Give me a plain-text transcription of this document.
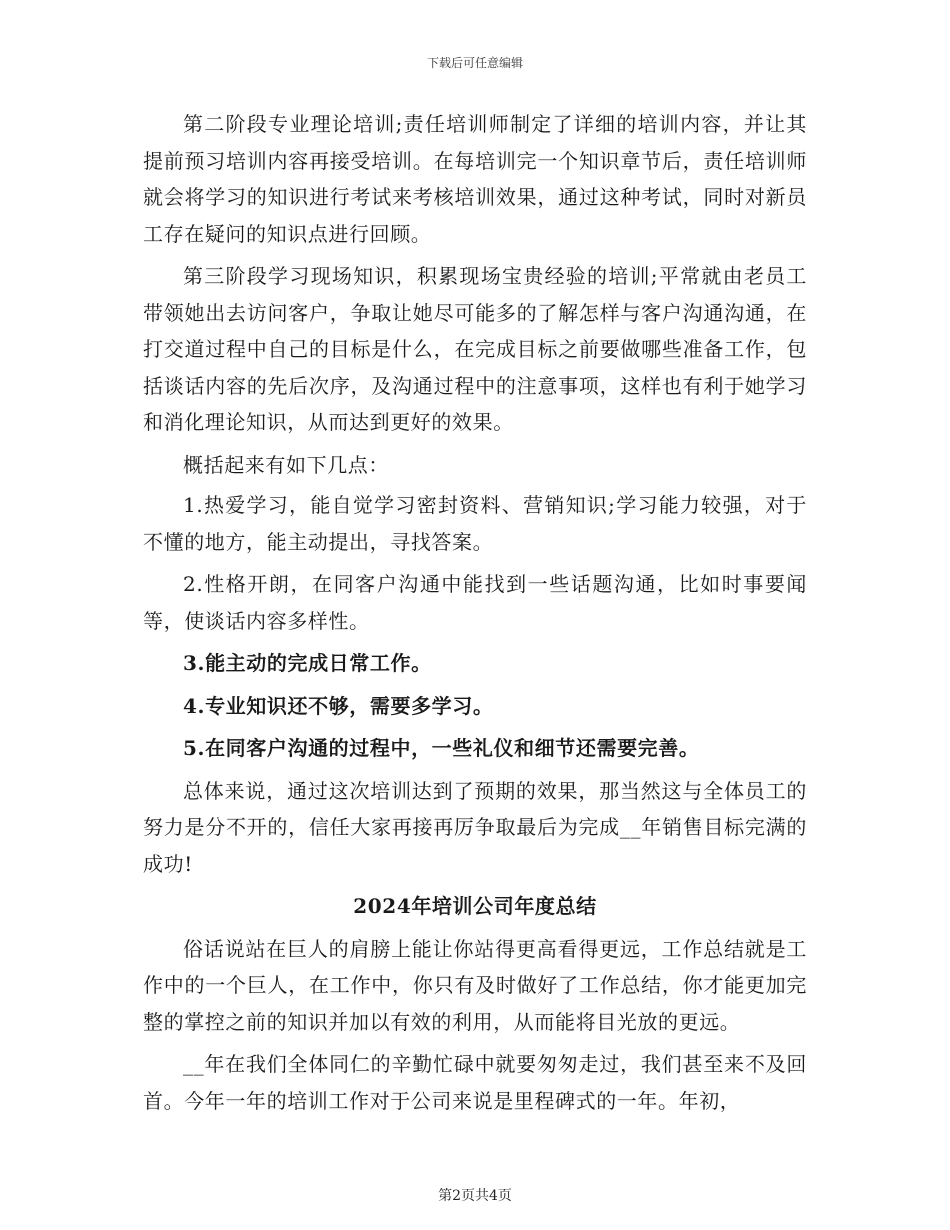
下载后可任意编辑

第二阶段专业理论培训;责任培训师制定了详细的培训内容，并让其提前预习培训内容再接受培训。在每培训完一个知识章节后，责任培训师就会将学习的知识进行考试来考核培训效果，通过这种考试，同时对新员工存在疑问的知识点进行回顾。

第三阶段学习现场知识，积累现场宝贵经验的培训;平常就由老员工带领她出去访问客户，争取让她尽可能多的了解怎样与客户沟通沟通，在打交道过程中自己的目标是什么，在完成目标之前要做哪些准备工作，包括谈话内容的先后次序，及沟通过程中的注意事项，这样也有利于她学习和消化理论知识，从而达到更好的效果。

概括起来有如下几点：

1.热爱学习，能自觉学习密封资料、营销知识;学习能力较强，对于不懂的地方，能主动提出，寻找答案。

2.性格开朗，在同客户沟通中能找到一些话题沟通，比如时事要闻等，使谈话内容多样性。

3.能主动的完成日常工作。

4.专业知识还不够，需要多学习。

5.在同客户沟通的过程中，一些礼仪和细节还需要完善。

总体来说，通过这次培训达到了预期的效果，那当然这与全体员工的努力是分不开的，信任大家再接再厉争取最后为完成__年销售目标完满的成功!

2024年培训公司年度总结

俗话说站在巨人的肩膀上能让你站得更高看得更远，工作总结就是工作中的一个巨人，在工作中，你只有及时做好了工作总结，你才能更加完整的掌控之前的知识并加以有效的利用，从而能将目光放的更远。

__年在我们全体同仁的辛勤忙碌中就要匆匆走过，我们甚至来不及回首。今年一年的培训工作对于公司来说是里程碑式的一年。年初，

第2页共4页
